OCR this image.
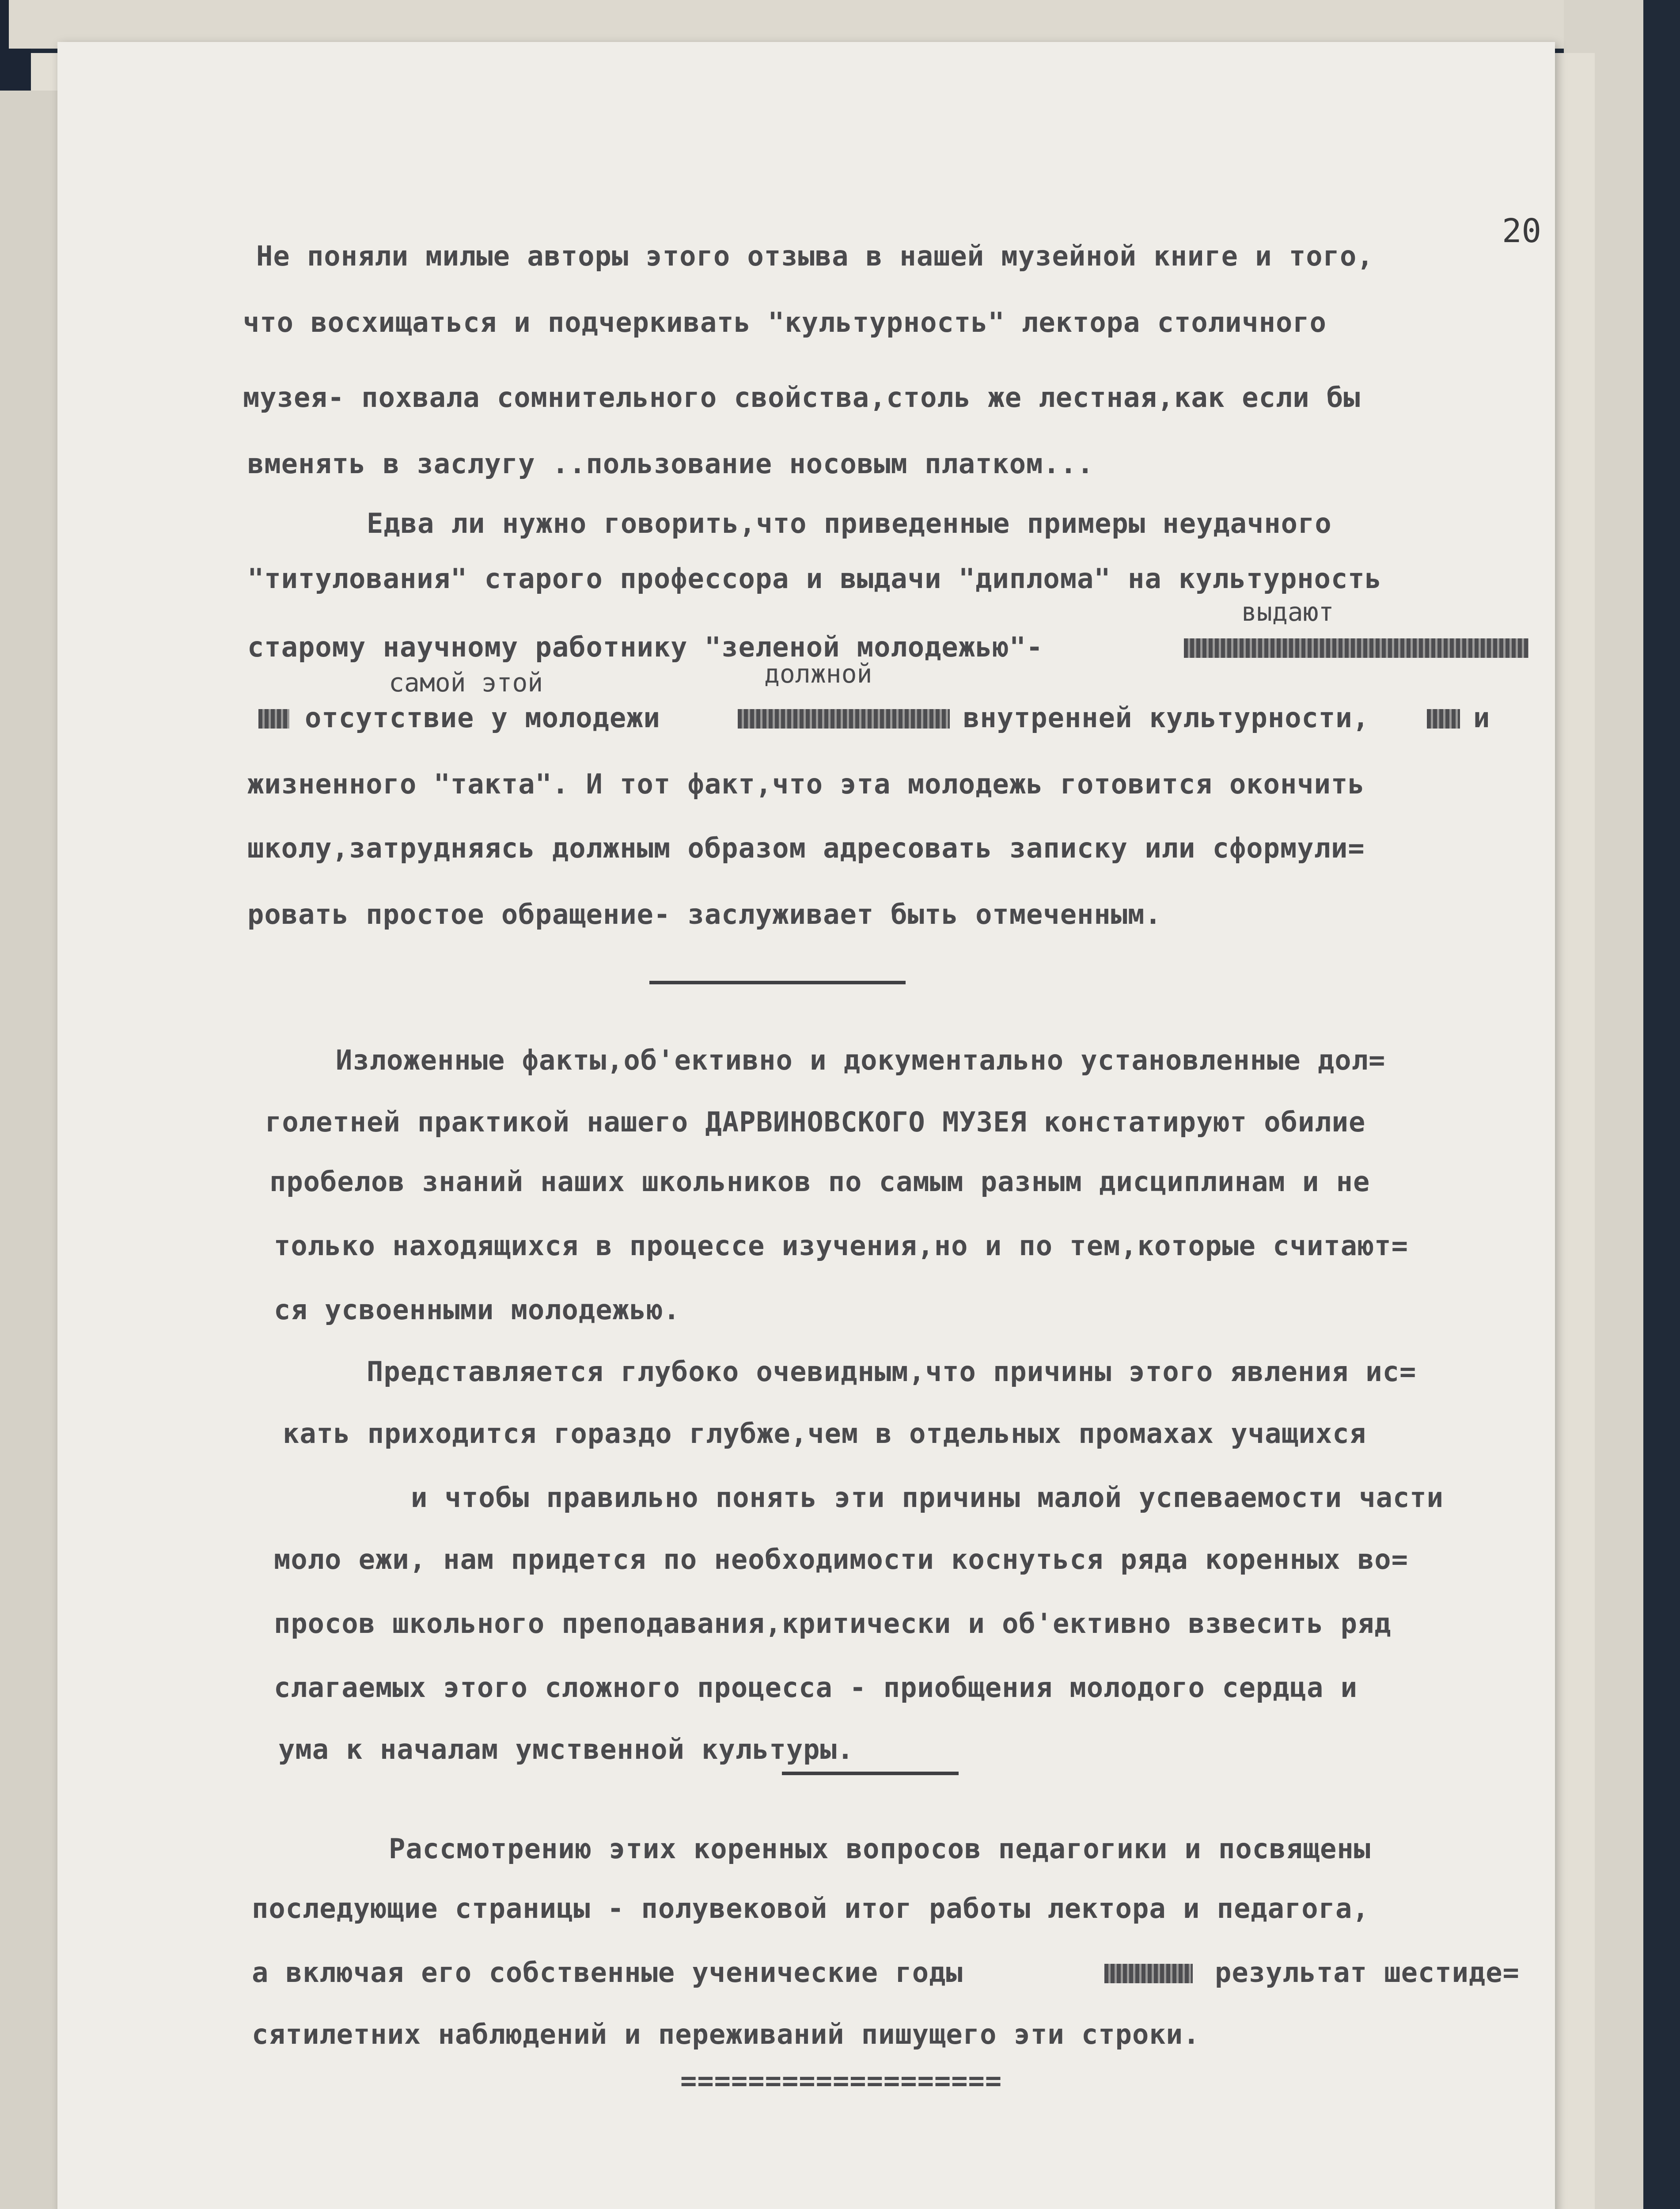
20
Не поняли милые авторы этого отзыва в нашей музейной книге и того,
что восхищаться и подчеркивать "культурность" лектора столичного
музея- похвала сомнительного свойства,столь же лестная,как если бы
вменять в заслугу ..пользование носовым платком...
Едва ли нужно говорить,что приведенные примеры неудачного
"титулования" старого профессора и выдачи "диплома" на культурность
выдают
старому научному работнику "зеленой молодежью"-
самой этой	должной
отсутствие у молодежи	внутренней культурности,	и
жизненного "такта". И тот факт,что эта молодежь готовится окончить
школу,затрудняясь должным образом адресовать записку или сформули=
ровать простое обращение- заслуживает быть отмеченным.
Изложенные факты,об'ективно и документально установленные дол=
голетней практикой нашего ДАРВИНОВСКОГО МУЗЕЯ констатируют обилие
пробелов знаний наших школьников по самым разным дисциплинам и не
только находящихся в процессе изучения,но и по тем,которые считают=
ся усвоенными молодежью.
Представляется глубоко очевидным,что причины этого явления ис=
кать приходится гораздо глубже,чем в отдельных промахах учащихся
и чтобы правильно понять эти причины малой успеваемости части
моло ежи, нам придется по необходимости коснуться ряда коренных во=
просов школьного преподавания,критически и об'ективно взвесить ряд
слагаемых этого сложного процесса - приобщения молодого сердца и
ума к началам умственной культуры.
Рассмотрению этих коренных вопросов педагогики и посвящены
последующие страницы - полувековой итог работы лектора и педагога,
а включая его собственные ученические годы	результат шестиде=
сятилетних наблюдений и переживаний пишущего эти строки.
===================
